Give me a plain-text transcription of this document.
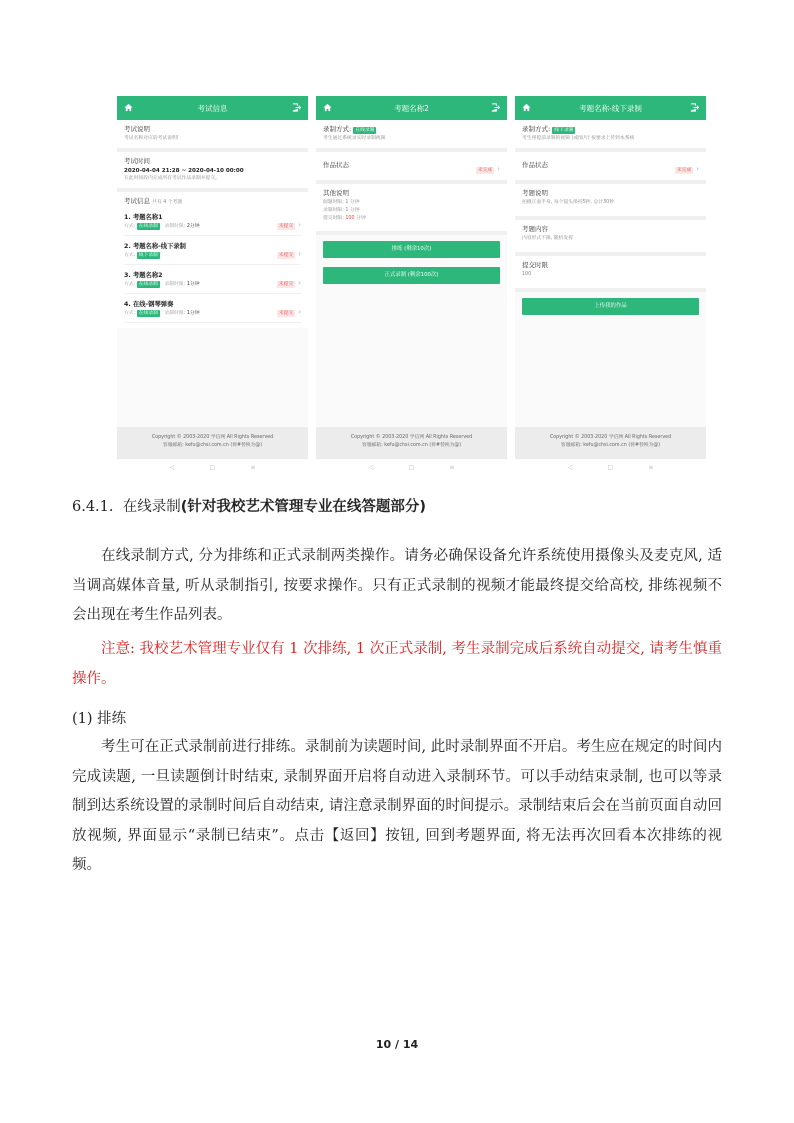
考试信息
考试说明
考试名称对应的考试说明!
考试时间
2020-04-04 21:28 ~ 2020-04-10 00:00
在此时间段内完成所有考试作品录制并提交。
考试信息 共有 4 个考题
1. 考题名称1
方式: 在线录制 录制时限: 2分钟	未提交 ›
2. 考题名称-线下录制
方式: 线下录制	未提交 ›
3. 考题名称2
方式: 在线录制 录制时限: 1分钟	未提交 ›
4. 在线-钢琴弹奏
方式: 在线录制 录制时限: 1分钟	未提交 ›
Copyright © 2003-2020 学信网 All Rights Reserved
客服邮箱: kefu@chsi.com.cn (将#替换为@)
◁	□	≡
考题名称2
录制方式: 在线录制
考生通过系统录实时录制视频
作品状态
未完成 ›
其他说明
阅题时限: 1 分钟
录制时限: 1 分钟
提交时限: 100 分钟
排练 (剩余10次)
正式录制 (剩余100次)
Copyright © 2003-2020 学信网 All Rights Reserved
客服邮箱: kefu@chsi.com.cn (将#替换为@)
◁	□	≡
考题名称-线下录制
录制方式: 线下录制
考生将提前录制的视频 (或图片) 按要求上传到本系统
作品状态
未完成 ›
考题说明
拍摄正面半身, 每个镜头保持5秒, 总计30秒
考题内容
内容形式不限, 随机发挥
提交时限
100
上传我的作品
Copyright © 2003-2020 学信网 All Rights Reserved
客服邮箱: kefu@chsi.com.cn (将#替换为@)
◁	□	≡
6.4.1. 在线录制(针对我校艺术管理专业在线答题部分)
在线录制方式, 分为排练和正式录制两类操作。请务必确保设备允许系统使用摄像头及麦克风, 适当调高媒体音量, 听从录制指引, 按要求操作。只有正式录制的视频才能最终提交给高校, 排练视频不会出现在考生作品列表。
注意: 我校艺术管理专业仅有 1 次排练, 1 次正式录制, 考生录制完成后系统自动提交, 请考生慎重操作。
(1) 排练
考生可在正式录制前进行排练。录制前为读题时间, 此时录制界面不开启。考生应在规定的时间内完成读题, 一旦读题倒计时结束, 录制界面开启将自动进入录制环节。可以手动结束录制, 也可以等录制到达系统设置的录制时间后自动结束, 请注意录制界面的时间提示。录制结束后会在当前页面自动回放视频, 界面显示“录制已结束”。点击【返回】按钮, 回到考题界面, 将无法再次回看本次排练的视频。
10 / 14
